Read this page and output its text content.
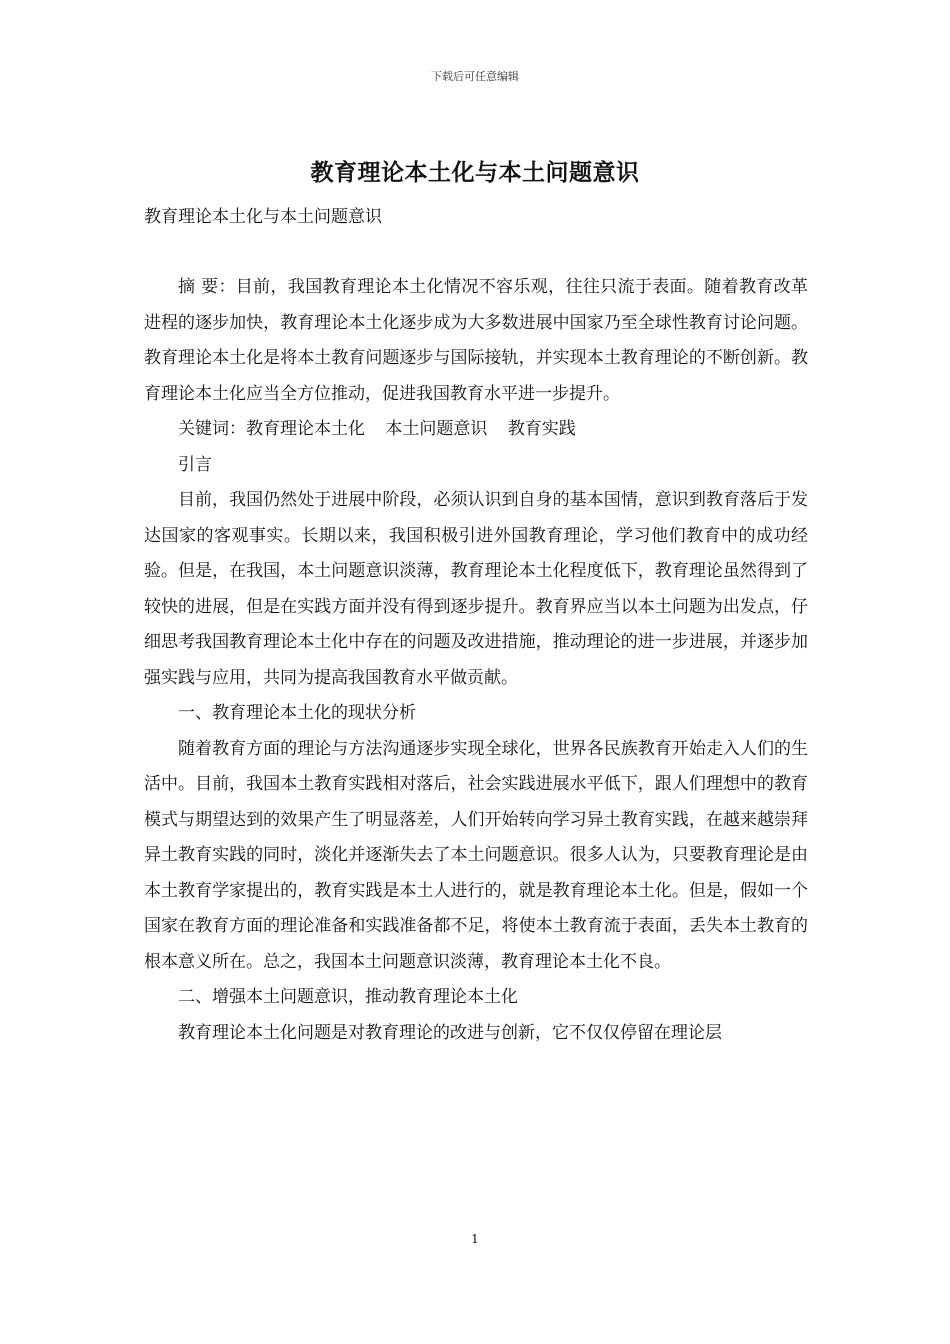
下载后可任意编辑
教育理论本土化与本土问题意识
教育理论本土化与本土问题意识

摘 要：目前，我国教育理论本土化情况不容乐观，往往只流于表面。随着教育改革进程的逐步加快，教育理论本土化逐步成为大多数进展中国家乃至全球性教育讨论问题。教育理论本土化是将本土教育问题逐步与国际接轨，并实现本土教育理论的不断创新。教育理论本土化应当全方位推动，促进我国教育水平进一步提升。

关键词：教育理论本土化 本土问题意识 教育实践

引言

目前，我国仍然处于进展中阶段，必须认识到自身的基本国情，意识到教育落后于发达国家的客观事实。长期以来，我国积极引进外国教育理论，学习他们教育中的成功经验。但是，在我国，本土问题意识淡薄，教育理论本土化程度低下，教育理论虽然得到了较快的进展，但是在实践方面并没有得到逐步提升。教育界应当以本土问题为出发点，仔细思考我国教育理论本土化中存在的问题及改进措施，推动理论的进一步进展，并逐步加强实践与应用，共同为提高我国教育水平做贡献。

一、教育理论本土化的现状分析

随着教育方面的理论与方法沟通逐步实现全球化，世界各民族教育开始走入人们的生活中。目前，我国本土教育实践相对落后，社会实践进展水平低下，跟人们理想中的教育模式与期望达到的效果产生了明显落差，人们开始转向学习异土教育实践，在越来越崇拜异土教育实践的同时，淡化并逐渐失去了本土问题意识。很多人认为，只要教育理论是由本土教育学家提出的，教育实践是本土人进行的，就是教育理论本土化。但是，假如一个国家在教育方面的理论准备和实践准备都不足，将使本土教育流于表面，丢失本土教育的根本意义所在。总之，我国本土问题意识淡薄，教育理论本土化不良。

二、增强本土问题意识，推动教育理论本土化

教育理论本土化问题是对教育理论的改进与创新，它不仅仅停留在理论层

1
